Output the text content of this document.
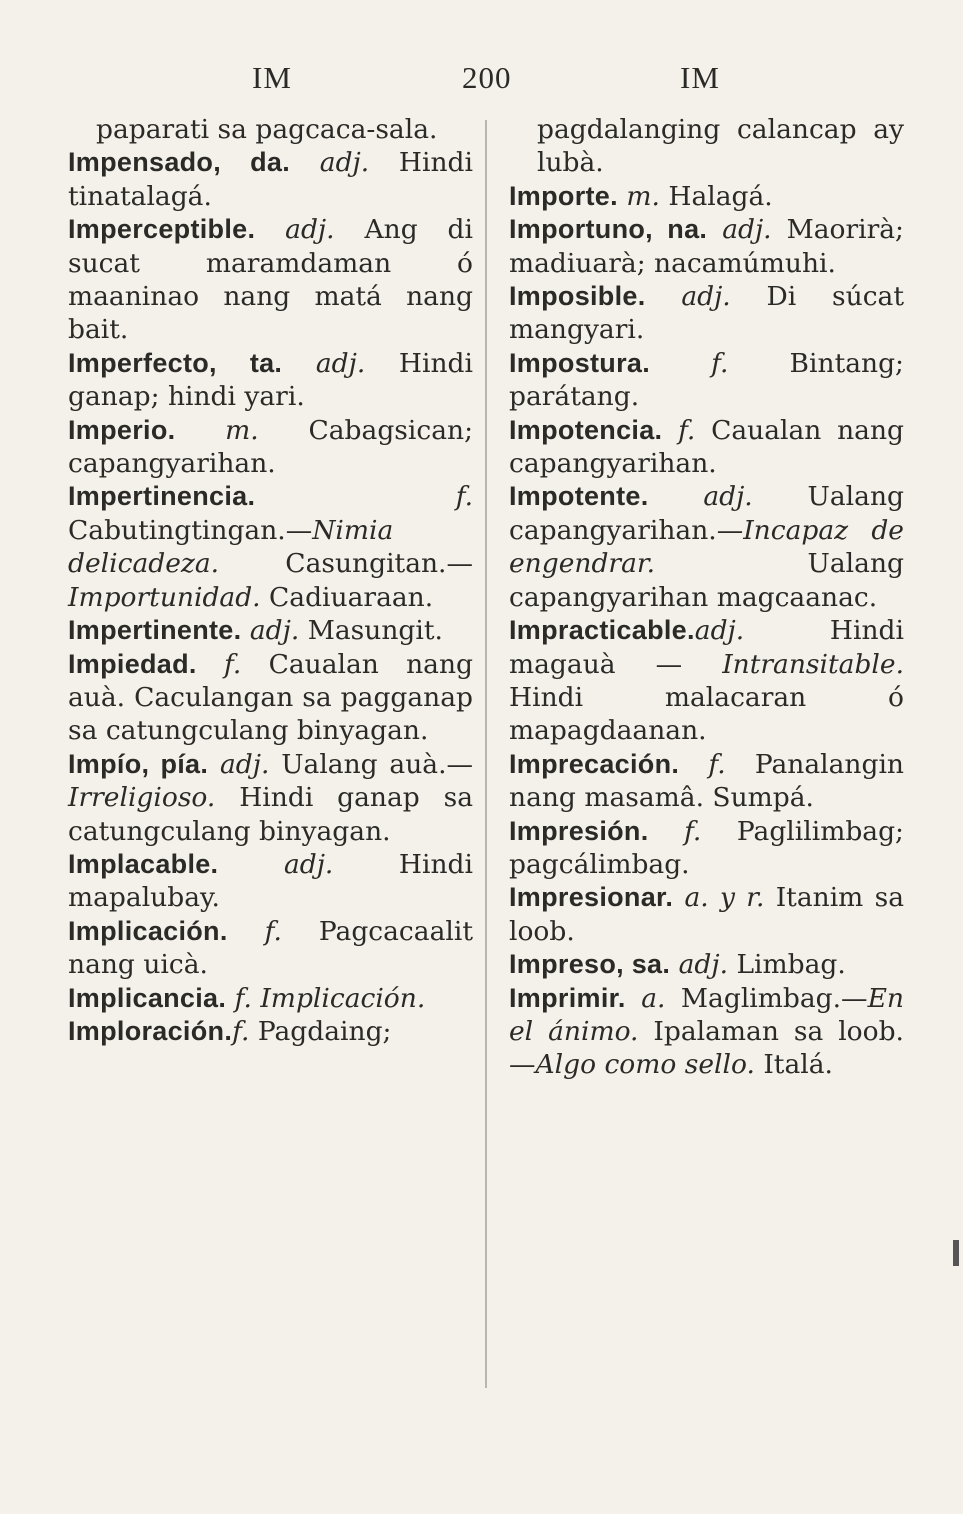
IM	200	IM
paparati sa pagcaca-sala.
Impensado, da. adj. Hindi tinatalagá.
Imperceptible. adj. Ang di sucat maramdaman ó maaninao nang matá nang bait.
Imperfecto, ta. adj. Hindi ganap; hindi yari.
Imperio. m. Cabagsican; capangyarihan.
Impertinencia.	f. Cabutingtingan.—Nimia delicadeza. Casungitan.—Importunidad. Cadiuaraan.
Impertinente. adj. Masungit.
Impiedad. f. Caualan nang auà. Caculangan sa pagganap sa catungculang binyagan.
Impío, pía. adj. Ualang auà.—Irreligioso. Hindi ganap sa catungculang binyagan.
Implacable. adj. Hindi mapalubay.
Implicación. f. Pagcacaalit nang uicà.
Implicancia. f. Implicación.
Imploración.f. Pagdaing;
pagdalanging calancap ay lubà.
Importe. m. Halagá.
Importuno, na. adj. Maorirà; madiuarà; nacamúmuhi.
Imposible. adj. Di súcat mangyari.
Impostura. f. Bintang; parátang.
Impotencia. f. Caualan nang capangyarihan.
Impotente. adj. Ualang capangyarihan.—Incapaz de engendrar. Ualang capangyarihan magcaanac.
Impracticable.adj.	Hindi magauà — Intransitable. Hindi malacaran ó mapagdaanan.
Imprecación. f. Panalangin nang masamâ. Sumpá.
Impresión. f. Paglilimbag; pagcálimbag.
Impresionar. a. y r. Itanim sa loob.
Impreso, sa. adj. Limbag.
Imprimir. a. Maglimbag.—En el ánimo. Ipalaman sa loob.—Algo como sello. Italá.
